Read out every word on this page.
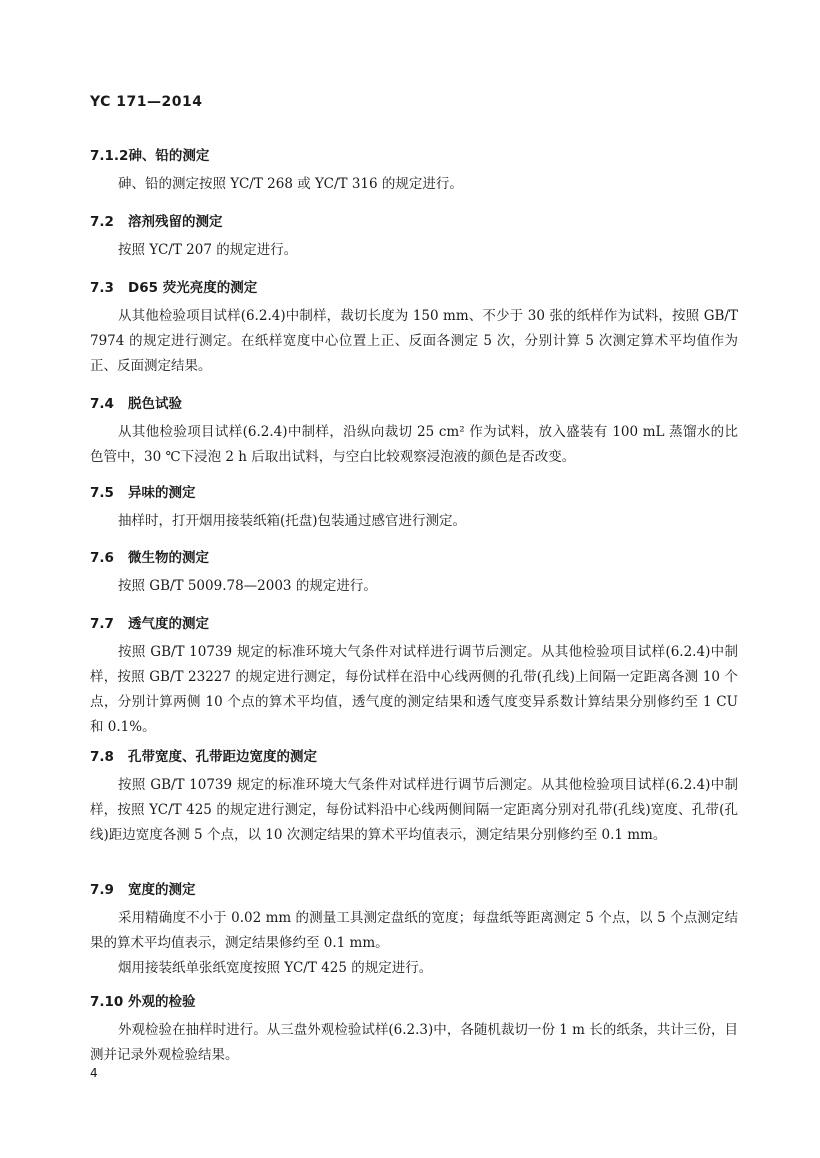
YC 171—2014
7.1.2砷、铅的测定

砷、铅的测定按照 YC/T 268 或 YC/T 316 的规定进行。

7.2 溶剂残留的测定

按照 YC/T 207 的规定进行。

7.3 D65 荧光亮度的测定

从其他检验项目试样(6.2.4)中制样，裁切长度为 150 mm、不少于 30 张的纸样作为试料，按照 GB/T 7974 的规定进行测定。在纸样宽度中心位置上正、反面各测定 5 次，分别计算 5 次测定算术平均值作为正、反面测定结果。

7.4 脱色试验

从其他检验项目试样(6.2.4)中制样，沿纵向裁切 25 cm² 作为试料，放入盛装有 100 mL 蒸馏水的比色管中，30 ℃下浸泡 2 h 后取出试料，与空白比较观察浸泡液的颜色是否改变。

7.5 异味的测定

抽样时，打开烟用接装纸箱(托盘)包装通过感官进行测定。

7.6 微生物的测定

按照 GB/T 5009.78—2003 的规定进行。

7.7 透气度的测定

按照 GB/T 10739 规定的标准环境大气条件对试样进行调节后测定。从其他检验项目试样(6.2.4)中制样，按照 GB/T 23227 的规定进行测定，每份试样在沿中心线两侧的孔带(孔线)上间隔一定距离各测 10 个点，分别计算两侧 10 个点的算术平均值，透气度的测定结果和透气度变异系数计算结果分别修约至 1 CU 和 0.1%。

7.8 孔带宽度、孔带距边宽度的测定

按照 GB/T 10739 规定的标准环境大气条件对试样进行调节后测定。从其他检验项目试样(6.2.4)中制样，按照 YC/T 425 的规定进行测定，每份试料沿中心线两侧间隔一定距离分别对孔带(孔线)宽度、孔带(孔线)距边宽度各测 5 个点，以 10 次测定结果的算术平均值表示，测定结果分别修约至 0.1 mm。

7.9 宽度的测定

采用精确度不小于 0.02 mm 的测量工具测定盘纸的宽度；每盘纸等距离测定 5 个点，以 5 个点测定结果的算术平均值表示，测定结果修约至 0.1 mm。

烟用接装纸单张纸宽度按照 YC/T 425 的规定进行。

7.10 外观的检验

外观检验在抽样时进行。从三盘外观检验试样(6.2.3)中，各随机裁切一份 1 m 长的纸条，共计三份，目测并记录外观检验结果。

4
